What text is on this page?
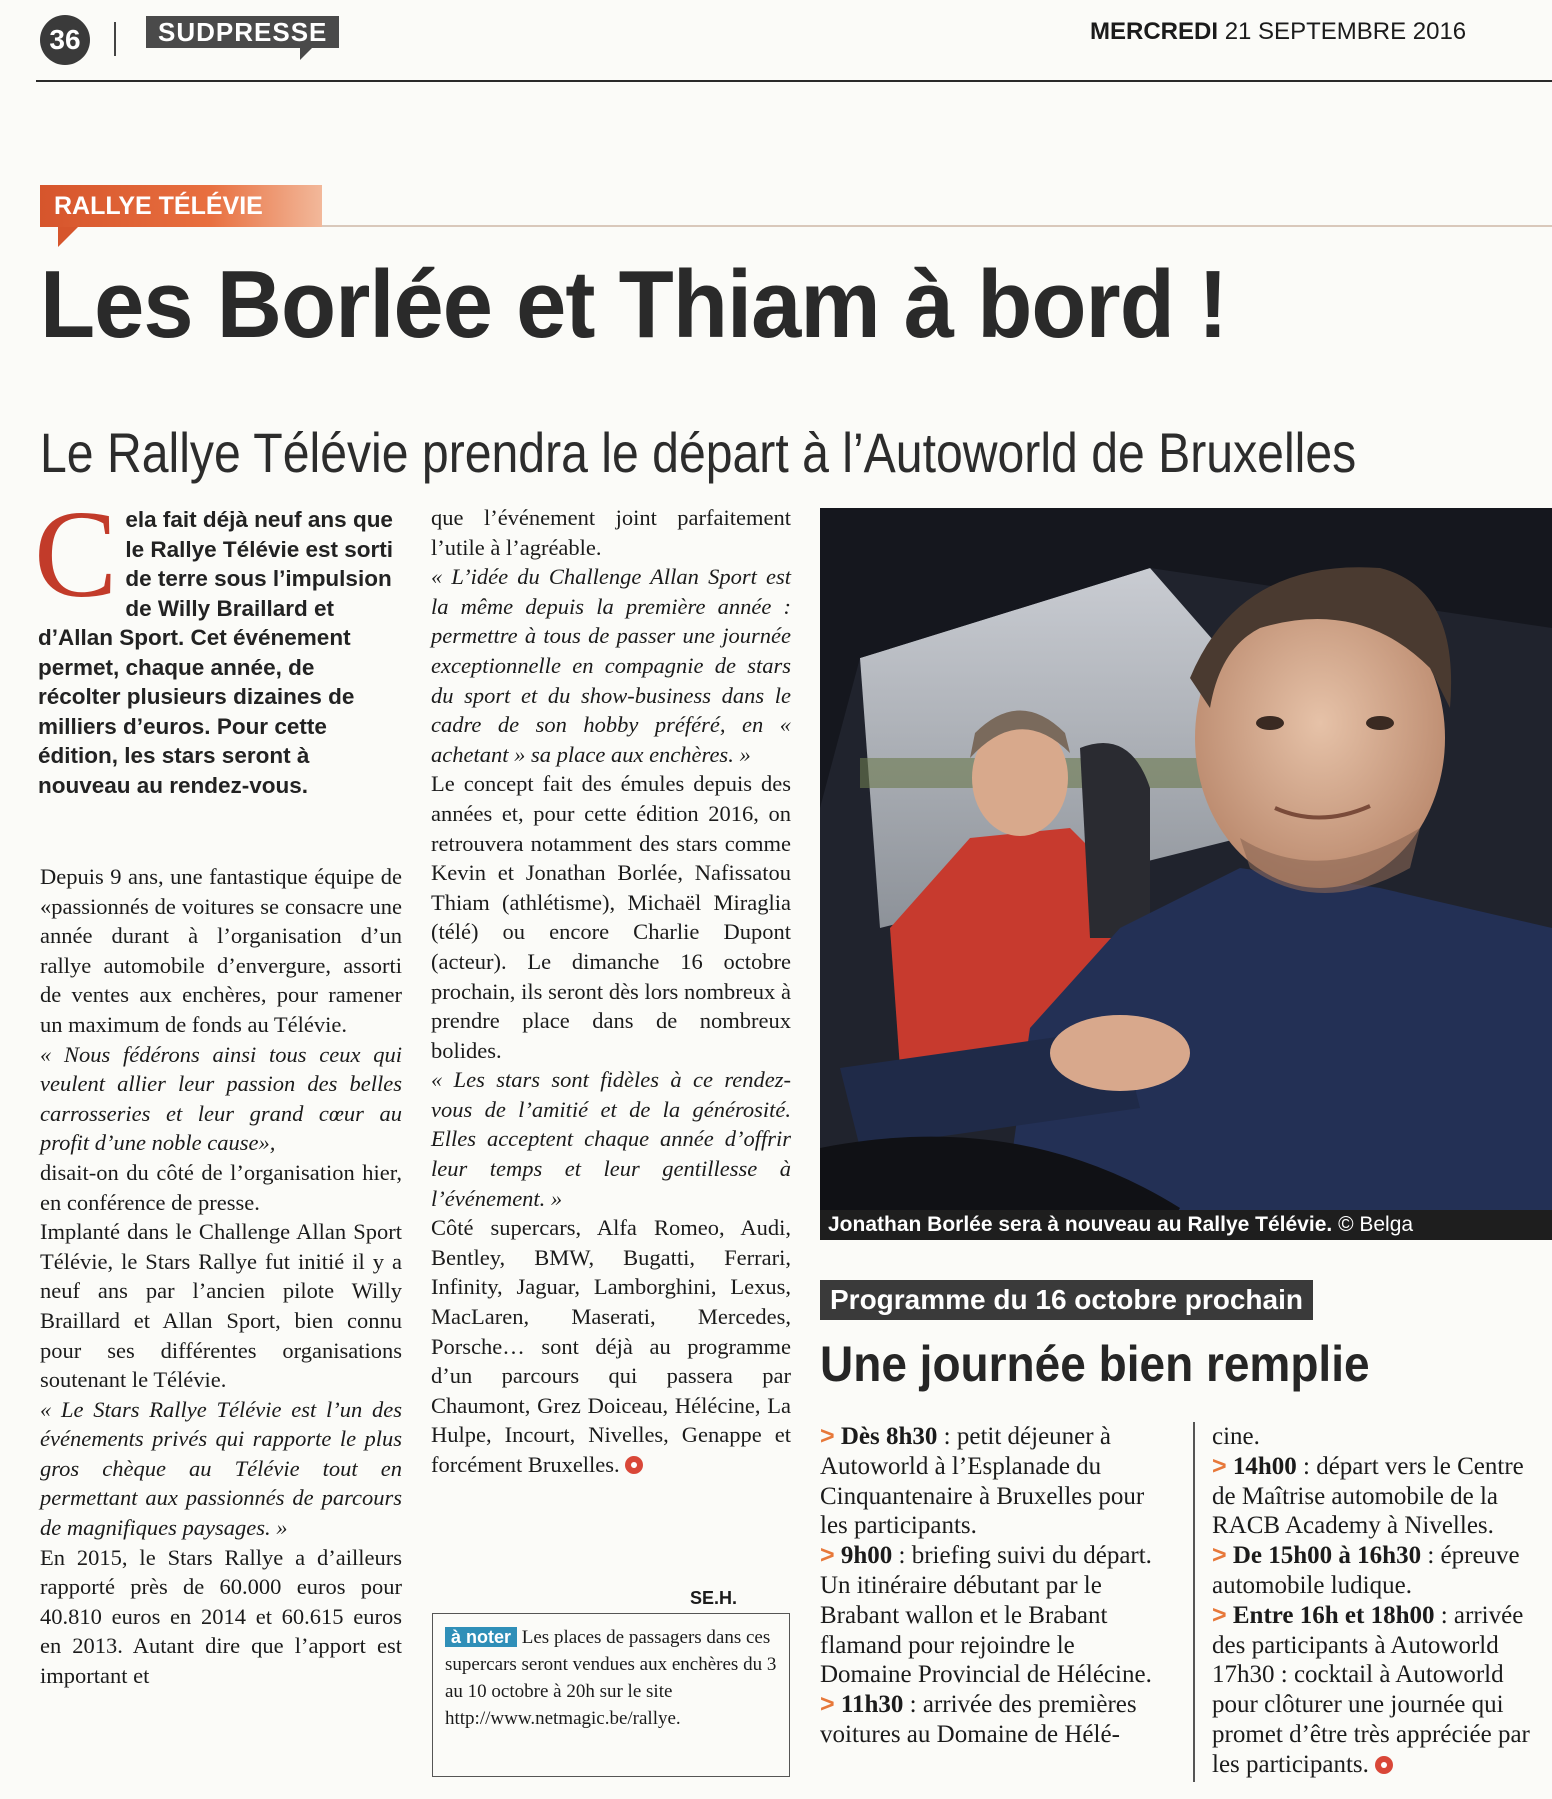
36	SUDPRESSE	MERCREDI 21 SEPTEMBRE 2016
RALLYE TÉLÉVIE
Les Borlée et Thiam à bord !
Le Rallye Télévie prendra le départ à l’Autoworld de Bruxelles
Cela fait déjà neuf ans que le Rallye Télévie est sorti de terre sous l’impulsion de Willy Braillard et d’Allan Sport. Cet événement permet, chaque année, de récolter plusieurs dizaines de milliers d’euros. Pour cette édition, les stars seront à nouveau au rendez-vous.

Depuis 9 ans, une fantastique équipe de «passionnés de voitures se consacre une année durant à l’organisation d’un rallye automobile d’envergure, assorti de ventes aux enchères, pour ramener un maximum de fonds au Télévie.

« Nous fédérons ainsi tous ceux qui veulent allier leur passion des belles carrosseries et leur grand cœur au profit d’une noble cause»,

disait-on du côté de l’organisation hier, en conférence de presse.

Implanté dans le Challenge Allan Sport Télévie, le Stars Rallye fut initié il y a neuf ans par l’ancien pilote Willy Braillard et Allan Sport, bien connu pour ses différentes organisations soutenant le Télévie.

« Le Stars Rallye Télévie est l’un des événements privés qui rapporte le plus gros chèque au Télévie tout en permettant aux passionnés de parcours de magnifiques paysages. »

En 2015, le Stars Rallye a d’ailleurs rapporté près de 60.000 euros pour 40.810 euros en 2014 et 60.615 euros en 2013. Autant dire que l’apport est important et

que l’événement joint parfaitement l’utile à l’agréable.

« L’idée du Challenge Allan Sport est la même depuis la première année : permettre à tous de passer une journée exceptionnelle en compagnie de stars du sport et du show-business dans le cadre de son hobby préféré, en « achetant » sa place aux enchères. »

Le concept fait des émules depuis des années et, pour cette édition 2016, on retrouvera notamment des stars comme Kevin et Jonathan Borlée, Nafissatou Thiam (athlétisme), Michaël Miraglia (télé) ou encore Charlie Dupont (acteur). Le dimanche 16 octobre prochain, ils seront dès lors nombreux à prendre place dans de nombreux bolides.

« Les stars sont fidèles à ce rendez-vous de l’amitié et de la générosité. Elles acceptent chaque année d’offrir leur temps et leur gentillesse à l’événement. »

Côté supercars, Alfa Romeo, Audi, Bentley, BMW, Bugatti, Ferrari, Infinity, Jaguar, Lamborghini, Lexus, MacLaren, Maserati, Mercedes, Porsche… sont déjà au programme d’un parcours qui passera par Chaumont, Grez Doiceau, Hélécine, La Hulpe, Incourt, Nivelles, Genappe et forcément Bruxelles.

SE.H.
à noter Les places de passagers dans ces supercars seront vendues aux enchères du 3 au 10 octobre à 20h sur le site http://www.netmagic.be/rallye.
Jonathan Borlée sera à nouveau au Rallye Télévie. © Belga
Programme du 16 octobre prochain
Une journée bien remplie

> Dès 8h30 : petit déjeuner à Autoworld à l’Esplanade du Cinquantenaire à Bruxelles pour les participants.

> 9h00 : briefing suivi du départ. Un itinéraire débutant par le Brabant wallon et le Brabant flamand pour rejoindre le Domaine Provincial de Hélécine.

> 11h30 : arrivée des premières voitures au Domaine de Hélé-

cine.

> 14h00 : départ vers le Centre de Maîtrise automobile de la RACB Academy à Nivelles.

> De 15h00 à 16h30 : épreuve automobile ludique.

> Entre 16h et 18h00 : arrivée des participants à Autoworld 17h30 : cocktail à Autoworld pour clôturer une journée qui promet d’être très appréciée par les participants.
